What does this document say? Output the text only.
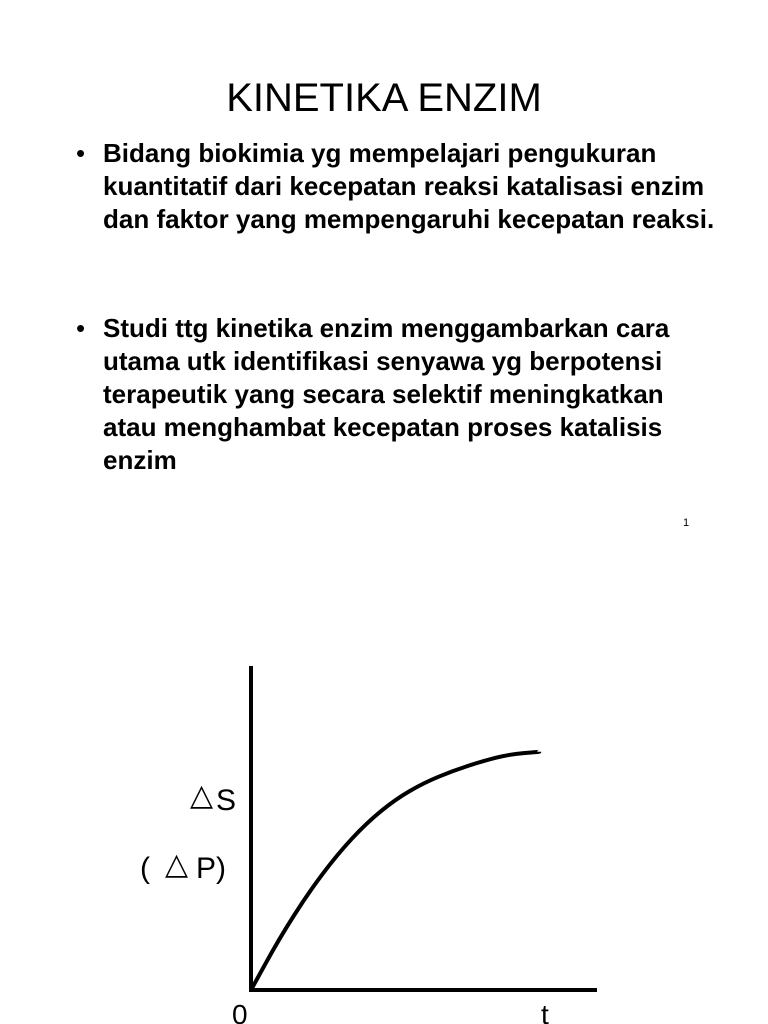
KINETIKA ENZIM
• Bidang biokimia yg mempelajari pengukuran kuantitatif dari kecepatan reaksi katalisasi enzim dan faktor yang mempengaruhi kecepatan reaksi.
• Studi ttg kinetika enzim menggambarkan cara utama utk identifikasi senyawa yg berpotensi terapeutik yang secara selektif meningkatkan atau menghambat kecepatan proses katalisis enzim
1
△ S
( △ P)
0	t
